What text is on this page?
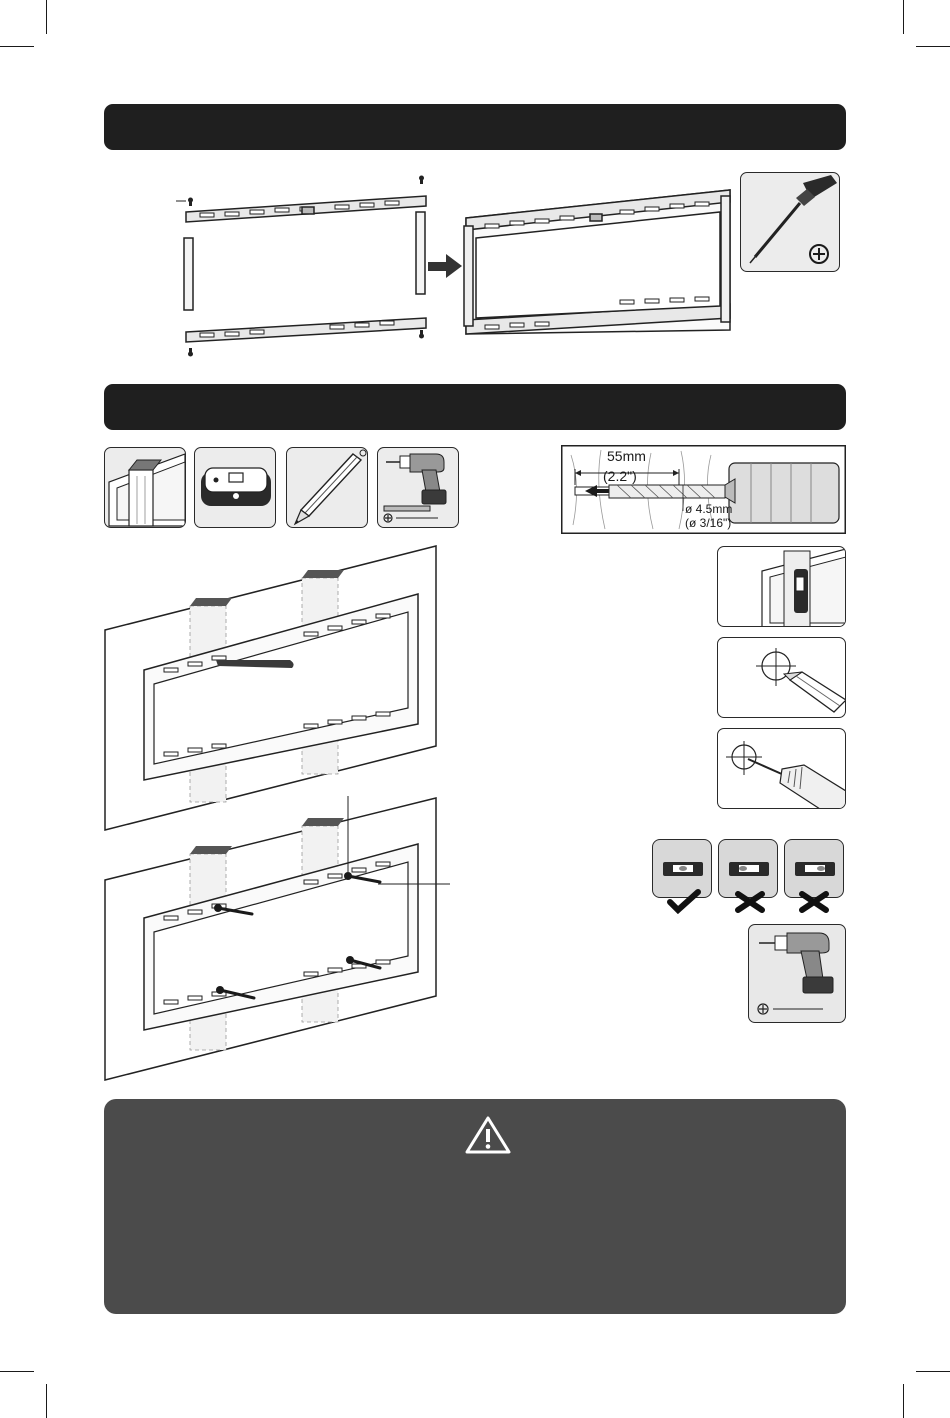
55mm
(2.2")
ø 4.5mm
(ø 3/16")
